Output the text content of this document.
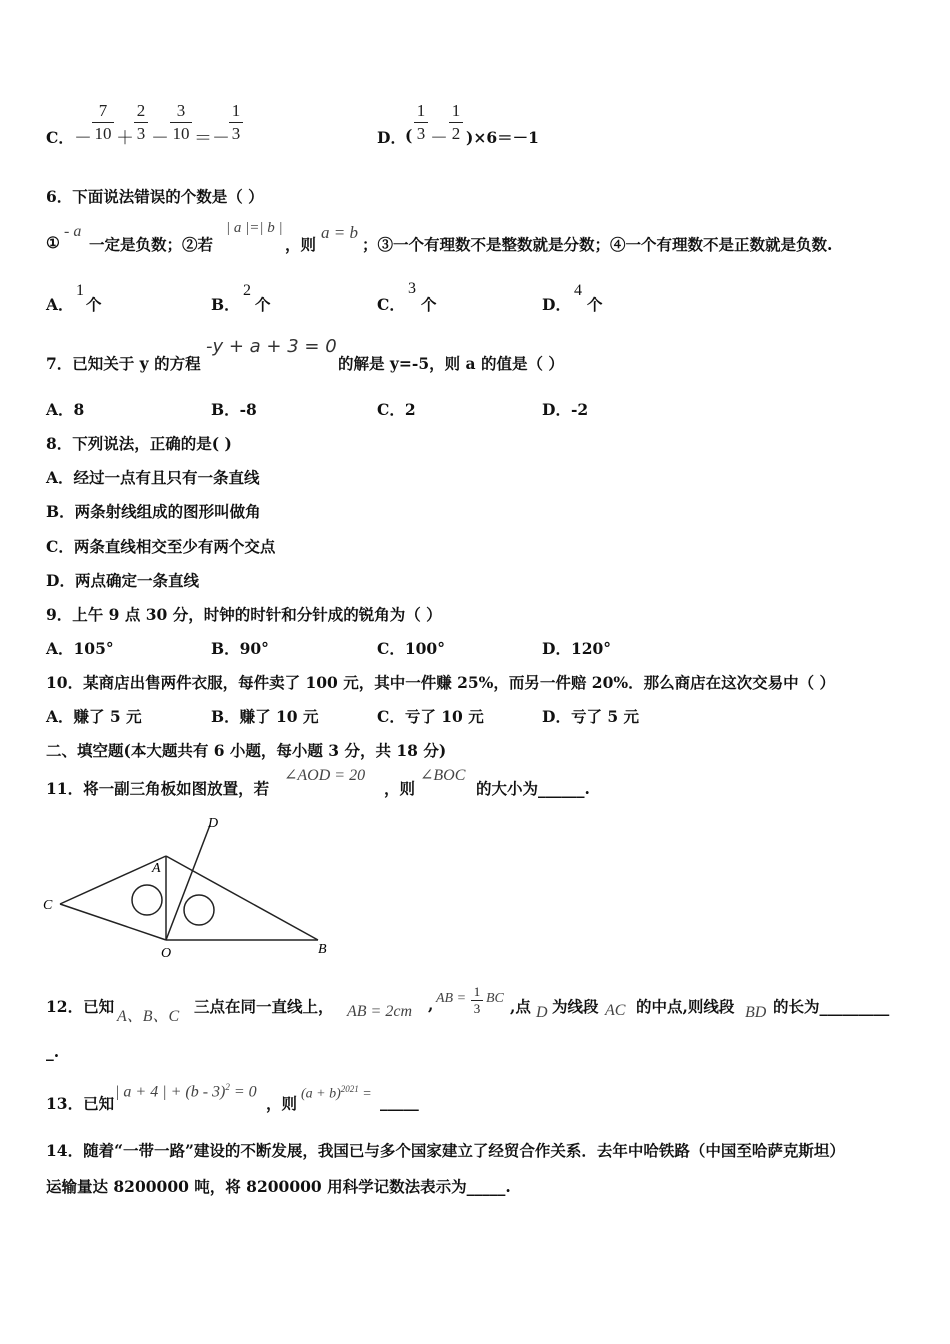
C． －
7
10 ＋
2
3 －
3
10 ＝－
1
3	D． (
1
3 －
1
2 )×6＝－1
6．下面说法错误的个数是（ ）
①
- a
一定是负数；②若
| a |=| b |
，则
a = b
；③一个有理数不是整数就是分数；④一个有理数不是正数就是负数.
A．
1
个	B．
2
个	C．
3
个	D．
4
个
7．已知关于 y 的方程
-y + a + 3 = 0
的解是 y=-5，则 a 的值是（ ）
A．8	B．-8	C．2	D．-2
8．下列说法，正确的是( )
A．经过一点有且只有一条直线
B．两条射线组成的图形叫做角
C．两条直线相交至少有两个交点
D．两点确定一条直线
9．上午 9 点 30 分，时钟的时针和分针成的锐角为（ ）
A．105°	B．90°	C．100°	D．120°
10．某商店出售两件衣服，每件卖了 100 元，其中一件赚 25%，而另一件赔 20%．那么商店在这次交易中（ ）
A．赚了 5 元	B．赚了 10 元	C．亏了 10 元	D．亏了 5 元
二、填空题(本大题共有 6 小题，每小题 3 分，共 18 分)
11．将一副三角板如图放置，若
∠AOD = 20
，则
∠BOC
的大小为______.
D
A
C
O	B
12．已知
A、B、C
三点在同一直线上， AB = 2cm , AB = 1
3
BC ,点 D 为线段 AC 的中点,则线段 BD 的长为_________
_.
13．已知
| a + 4 | + (b - 3)$^2$ = 0
，则 $(a + b)^{2021}$ = _____
14．随着“一带一路”建设的不断发展，我国已与多个国家建立了经贸合作关系．去年中哈铁路（中国至哈萨克斯坦）
运输量达 8200000 吨，将 8200000 用科学记数法表示为_____.
